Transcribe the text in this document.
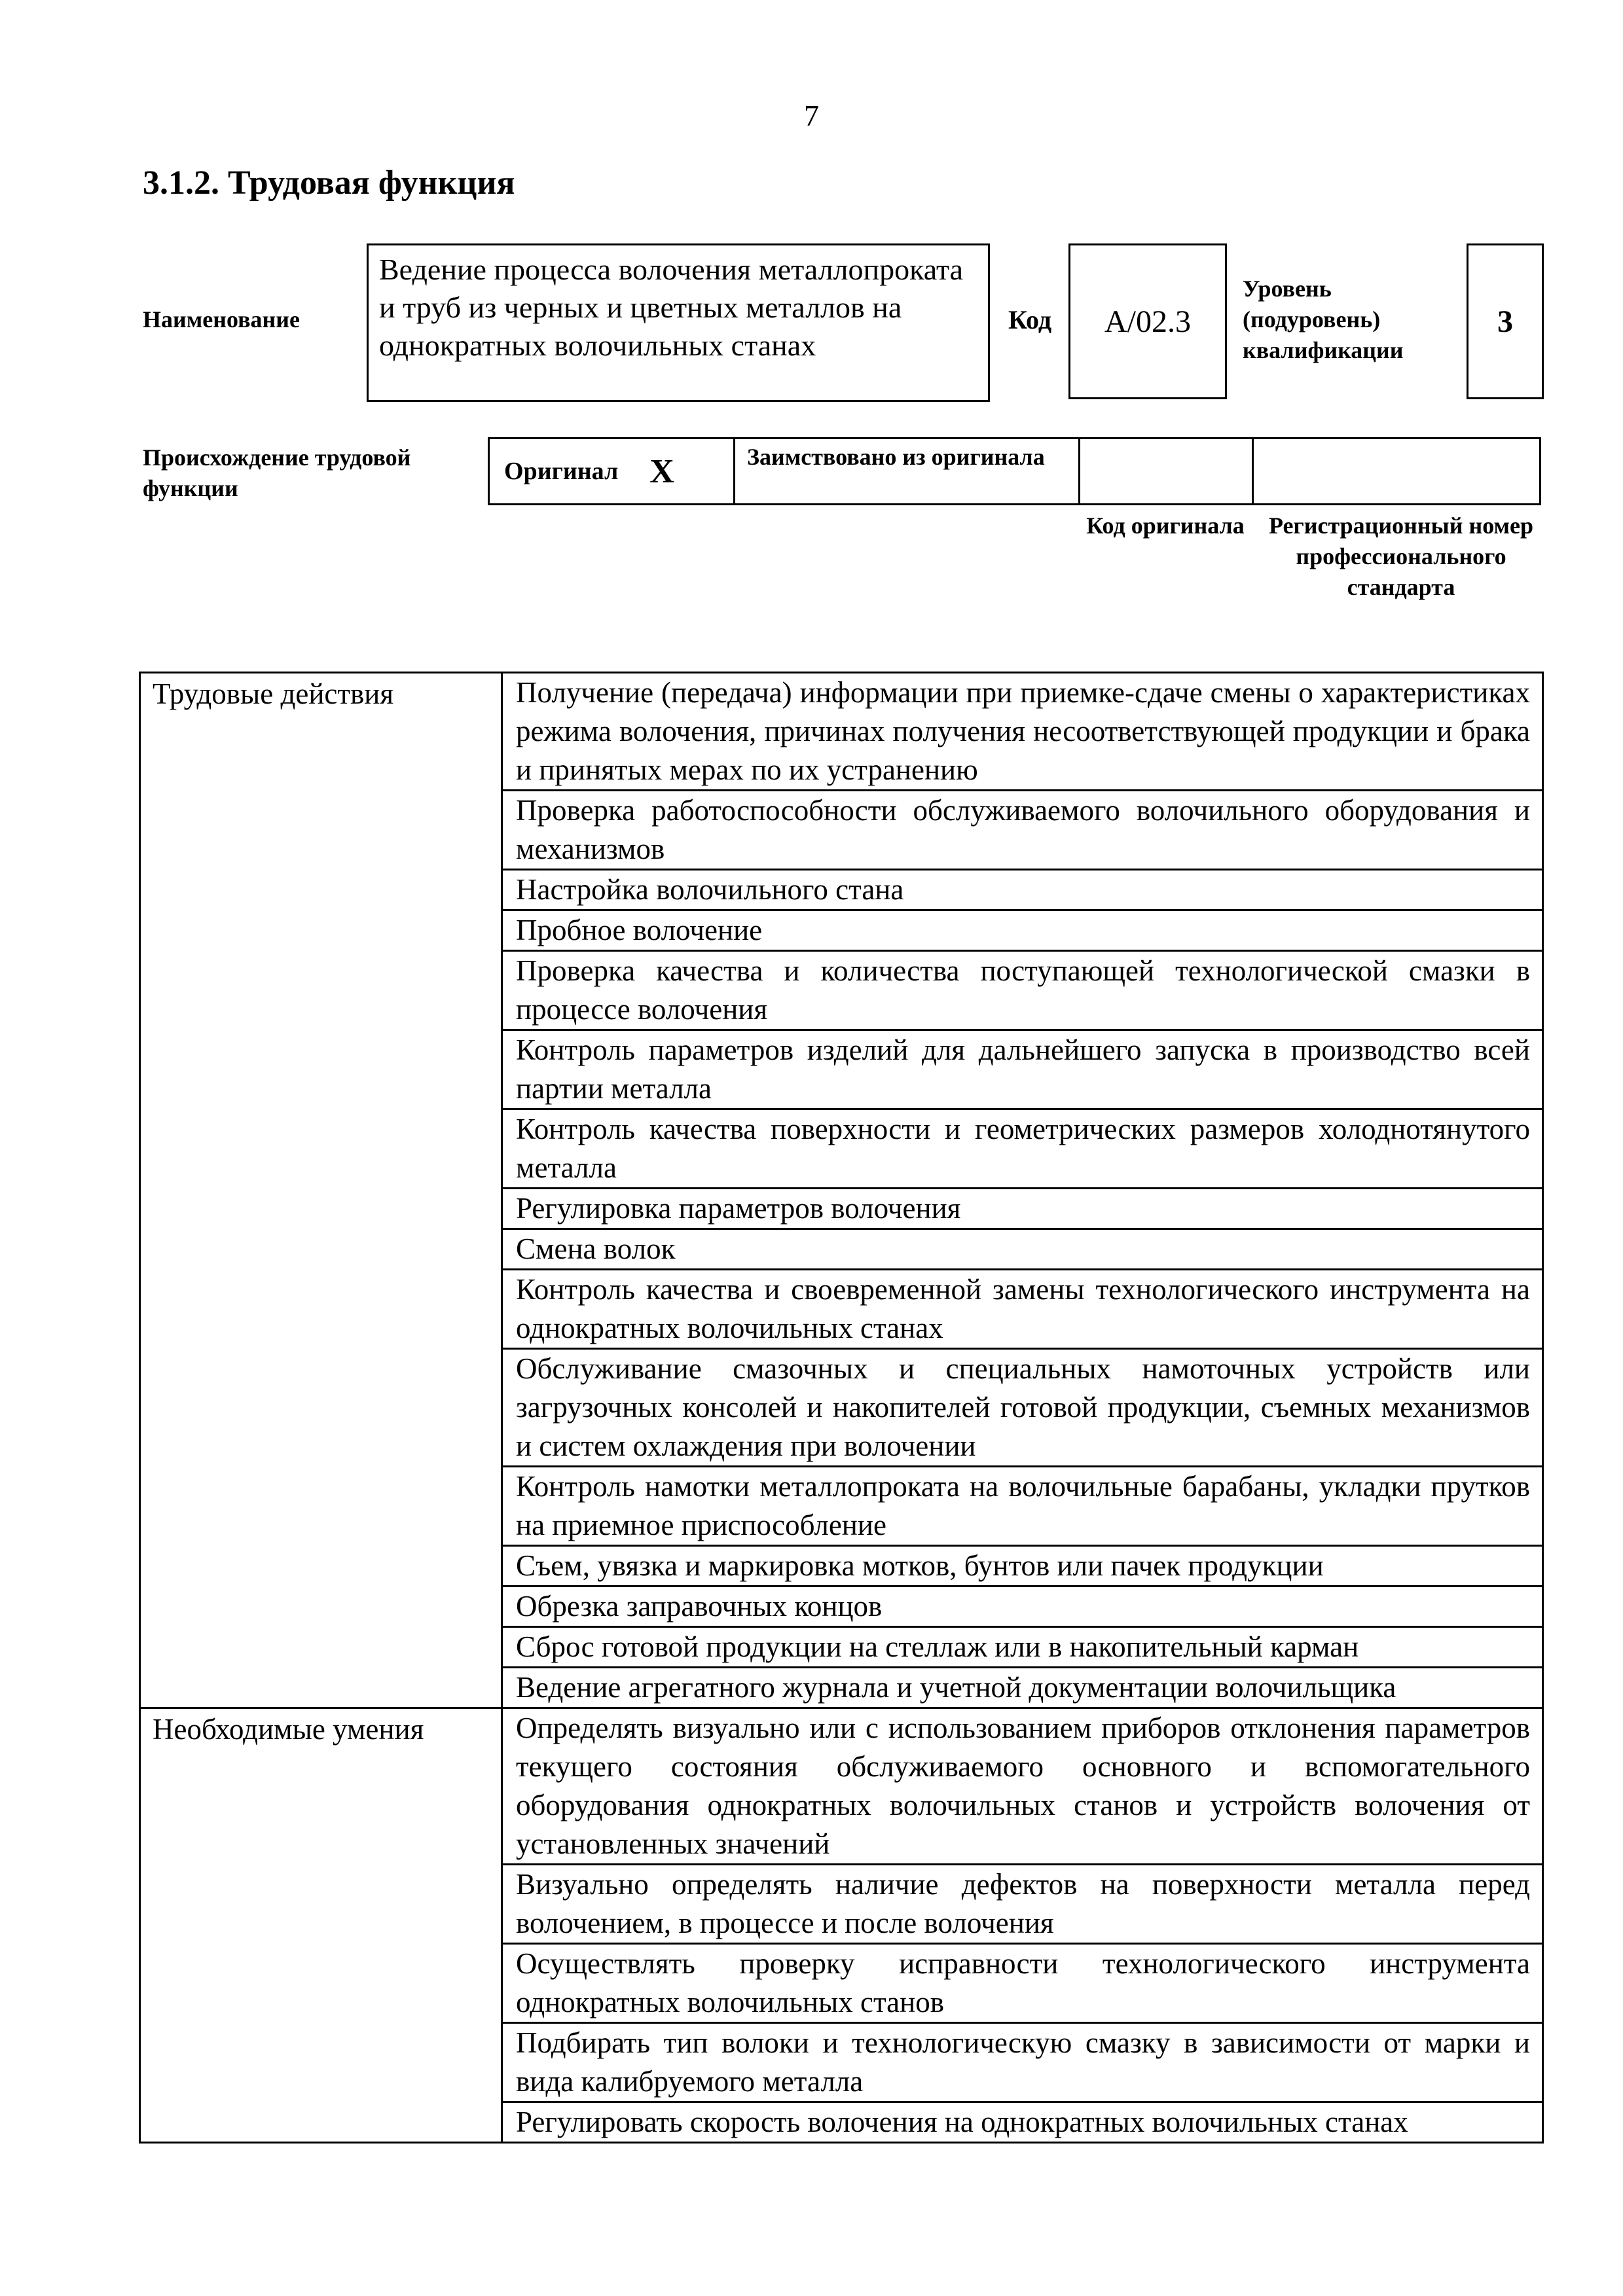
7
3.1.2. Трудовая функция
Наименование
Ведение процесса волочения металлопроката и труб из черных и цветных металлов на однократных волочильных станах
Код	A/02.3
Уровень (подуровень) квалификации
3
Происхождение трудовой функции
Оригинал X	Заимствовано из оригинала
Код оригинала Регистрационный номер профессионального стандарта
Трудовые действия	Получение (передача) информации при приемке-сдаче смены о характеристиках режима волочения, причинах получения несоответствующей продукции и брака и принятых мерах по их устранению
	Проверка работоспособности обслуживаемого волочильного оборудования и механизмов
	Настройка волочильного стана
	Пробное волочение
	Проверка качества и количества поступающей технологической смазки в процессе волочения
	Контроль параметров изделий для дальнейшего запуска в производство всей партии металла
	Контроль качества поверхности и геометрических размеров холоднотянутого металла
	Регулировка параметров волочения
	Смена волок
	Контроль качества и своевременной замены технологического инструмента на однократных волочильных станах
	Обслуживание смазочных и специальных намоточных устройств или загрузочных консолей и накопителей готовой продукции, съемных механизмов и систем охлаждения при волочении
	Контроль намотки металлопроката на волочильные барабаны, укладки прутков на приемное приспособление
	Съем, увязка и маркировка мотков, бунтов или пачек продукции
	Обрезка заправочных концов
	Сброс готовой продукции на стеллаж или в накопительный карман
	Ведение агрегатного журнала и учетной документации волочильщика
Необходимые умения	Определять визуально или с использованием приборов отклонения параметров текущего состояния обслуживаемого основного и вспомогательного оборудования однократных волочильных станов и устройств волочения от установленных значений
	Визуально определять наличие дефектов на поверхности металла перед волочением, в процессе и после волочения
	Осуществлять проверку исправности технологического инструмента однократных волочильных станов
	Подбирать тип волоки и технологическую смазку в зависимости от марки и вида калибруемого металла
	Регулировать скорость волочения на однократных волочильных станах
